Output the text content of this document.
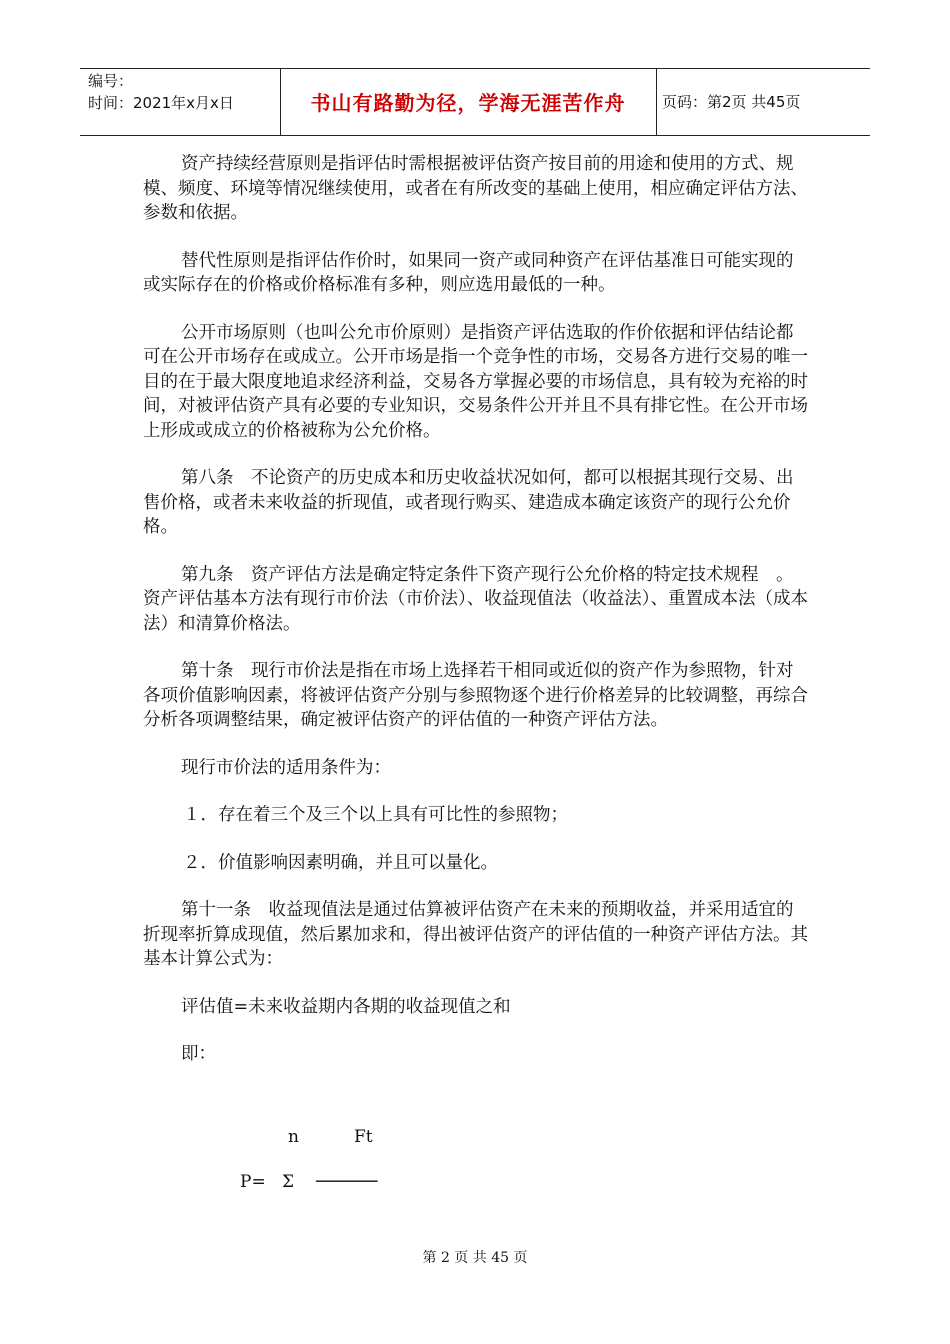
编号：
时间：2021年x月x日	书山有路勤为径，学海无涯苦作舟 页码：第2页 共45页

资产持续经营原则是指评估时需根据被评估资产按目前的用途和使用的方式、规模、频度、环境等情况继续使用，或者在有所改变的基础上使用，相应确定评估方法、参数和依据。

替代性原则是指评估作价时，如果同一资产或同种资产在评估基准日可能实现的或实际存在的价格或价格标准有多种，则应选用最低的一种。

公开市场原则（也叫公允市价原则）是指资产评估选取的作价依据和评估结论都可在公开市场存在或成立。公开市场是指一个竞争性的市场，交易各方进行交易的唯一目的在于最大限度地追求经济利益，交易各方掌握必要的市场信息，具有较为充裕的时间，对被评估资产具有必要的专业知识，交易条件公开并且不具有排它性。在公开市场上形成或成立的价格被称为公允价格。

第八条　不论资产的历史成本和历史收益状况如何，都可以根据其现行交易、出售价格，或者未来收益的折现值，或者现行购买、建造成本确定该资产的现行公允价格。

第九条　资产评估方法是确定特定条件下资产现行公允价格的特定技术规程　。资产评估基本方法有现行市价法（市价法）、收益现值法（收益法）、重置成本法（成本法）和清算价格法。

第十条　现行市价法是指在市场上选择若干相同或近似的资产作为参照物，针对各项价值影响因素，将被评估资产分别与参照物逐个进行价格差异的比较调整，再综合分析各项调整结果，确定被评估资产的评估值的一种资产评估方法。

现行市价法的适用条件为：

１．存在着三个及三个以上具有可比性的参照物；

２．价值影响因素明确，并且可以量化。

第十一条　收益现值法是通过估算被评估资产在未来的预期收益，并采用适宜的折现率折算成现值，然后累加求和，得出被评估资产的评估值的一种资产评估方法。其基本计算公式为：

评估值=未来收益期内各期的收益现值之和

即：

n	Ft
P= Σ ──────
第 2 页 共 45 页
